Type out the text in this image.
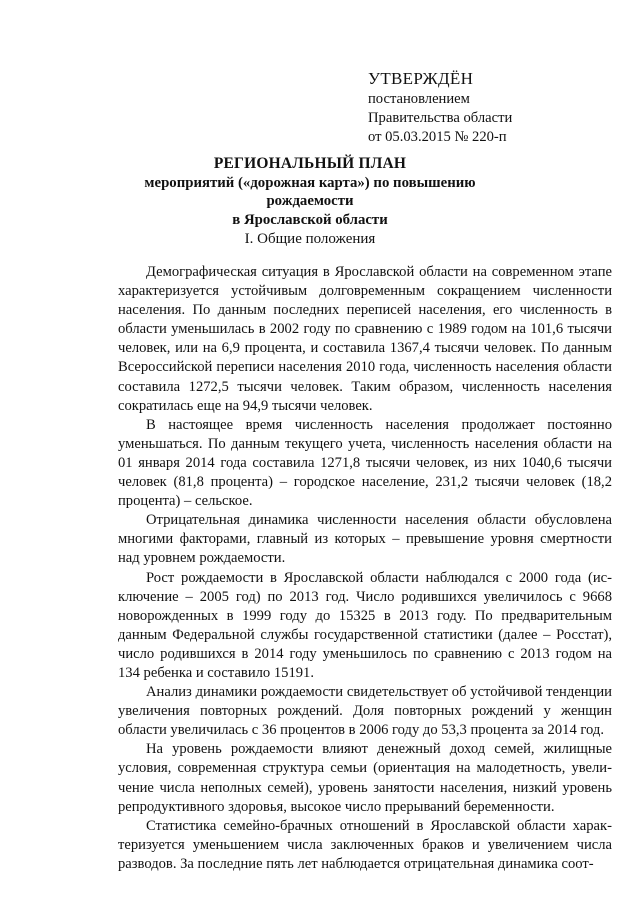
УТВЕРЖДЁН
постановлением
Правительства области
от 05.03.2015 № 220-п
РЕГИОНАЛЬНЫЙ ПЛАН
мероприятий («дорожная карта») по повышению рождаемости
в Ярославской области
I. Общие положения

Демографическая ситуация в Ярославской области на современном этапе характеризуется устойчивым долговременным сокращением численности населения. По данным последних переписей населения, его численность в области уменьшилась в 2002 году по сравнению с 1989 годом на 101,6 тысячи человек, или на 6,9 процента, и составила 1367,4 тысячи человек. По данным Всероссийской переписи населения 2010 года, численность населения области составила 1272,5 тысячи человек. Таким образом, численность населения сократилась еще на 94,9 тысячи человек.

В настоящее время численность населения продолжает постоянно уменьшаться. По данным текущего учета, численность населения области на 01 января 2014 года составила 1271,8 тысячи человек, из них 1040,6 тысячи человек (81,8 процента) – городское население, 231,2 тысячи человек (18,2 процента) – сельское.

Отрицательная динамика численности населения области обусловлена многими факторами, главный из которых – превышение уровня смертности над уровнем рождаемости.

Рост рождаемости в Ярославской области наблюдался с 2000 года (исключение – 2005 год) по 2013 год. Число родившихся увеличилось с 9668 новорожденных в 1999 году до 15325 в 2013 году. По предварительным данным Федеральной службы государственной статистики (далее – Росстат), число родившихся в 2014 году уменьшилось по сравнению с 2013 годом на 134 ребенка и составило 15191.

Анализ динамики рождаемости свидетельствует об устойчивой тенденции увеличения повторных рождений. Доля повторных рождений у женщин области увеличилась с 36 процентов в 2006 году до 53,3 процента за 2014 год.

На уровень рождаемости влияют денежный доход семей, жилищные условия, современная структура семьи (ориентация на малодетность, увеличение числа неполных семей), уровень занятости населения, низкий уровень репродуктивного здоровья, высокое число прерываний беременности.

Статистика семейно-брачных отношений в Ярославской области характеризуется уменьшением числа заключенных браков и увеличением числа разводов. За последние пять лет наблюдается отрицательная динамика соот-
